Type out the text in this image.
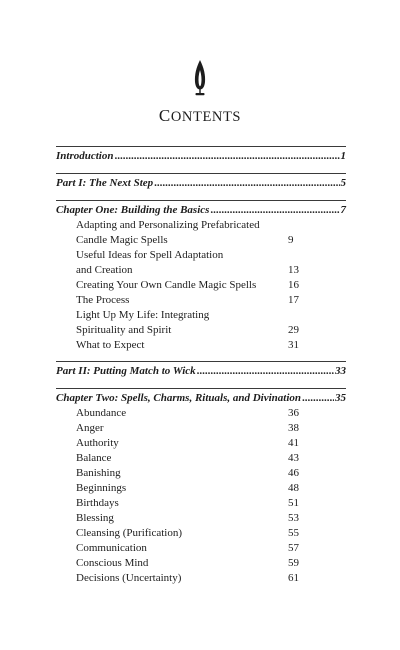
CONTENTS
Introduction .....	1
Part I: The Next Step .....	5
Chapter One: Building the Basics .....	7
Adapting and Personalizing Prefabricated
Candle Magic Spells	9
Useful Ideas for Spell Adaptation
and Creation	13
Creating Your Own Candle Magic Spells	16
The Process	17
Light Up My Life: Integrating
Spirituality and Spirit	29
What to Expect	31
Part II: Putting Match to Wick .....	33
Chapter Two: Spells, Charms, Rituals, and Divination .....	35
Abundance	36
Anger	38
Authority	41
Balance	43
Banishing	46
Beginnings	48
Birthdays	51
Blessing	53
Cleansing (Purification)	55
Communication	57
Conscious Mind	59
Decisions (Uncertainty)	61
